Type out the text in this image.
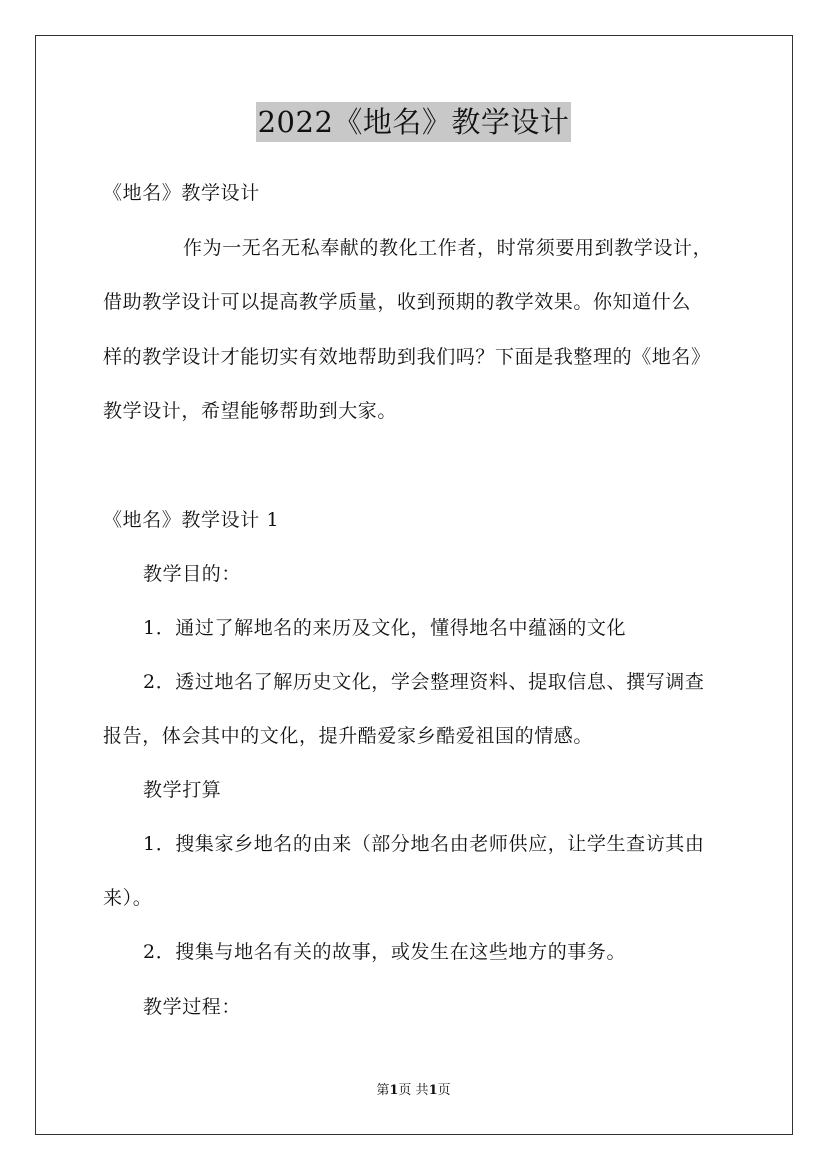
2022《地名》教学设计
《地名》教学设计
作为一无名无私奉献的教化工作者，时常须要用到教学设计，
借助教学设计可以提高教学质量，收到预期的教学效果。你知道什么
样的教学设计才能切实有效地帮助到我们吗？下面是我整理的《地名》
教学设计，希望能够帮助到大家。
《地名》教学设计 1
教学目的：
1．通过了解地名的来历及文化，懂得地名中蕴涵的文化
2．透过地名了解历史文化，学会整理资料、提取信息、撰写调查
报告，体会其中的文化，提升酷爱家乡酷爱祖国的情感。
教学打算
1．搜集家乡地名的由来（部分地名由老师供应，让学生查访其由
来）。
2．搜集与地名有关的故事，或发生在这些地方的事务。
教学过程：
第1页 共1页
